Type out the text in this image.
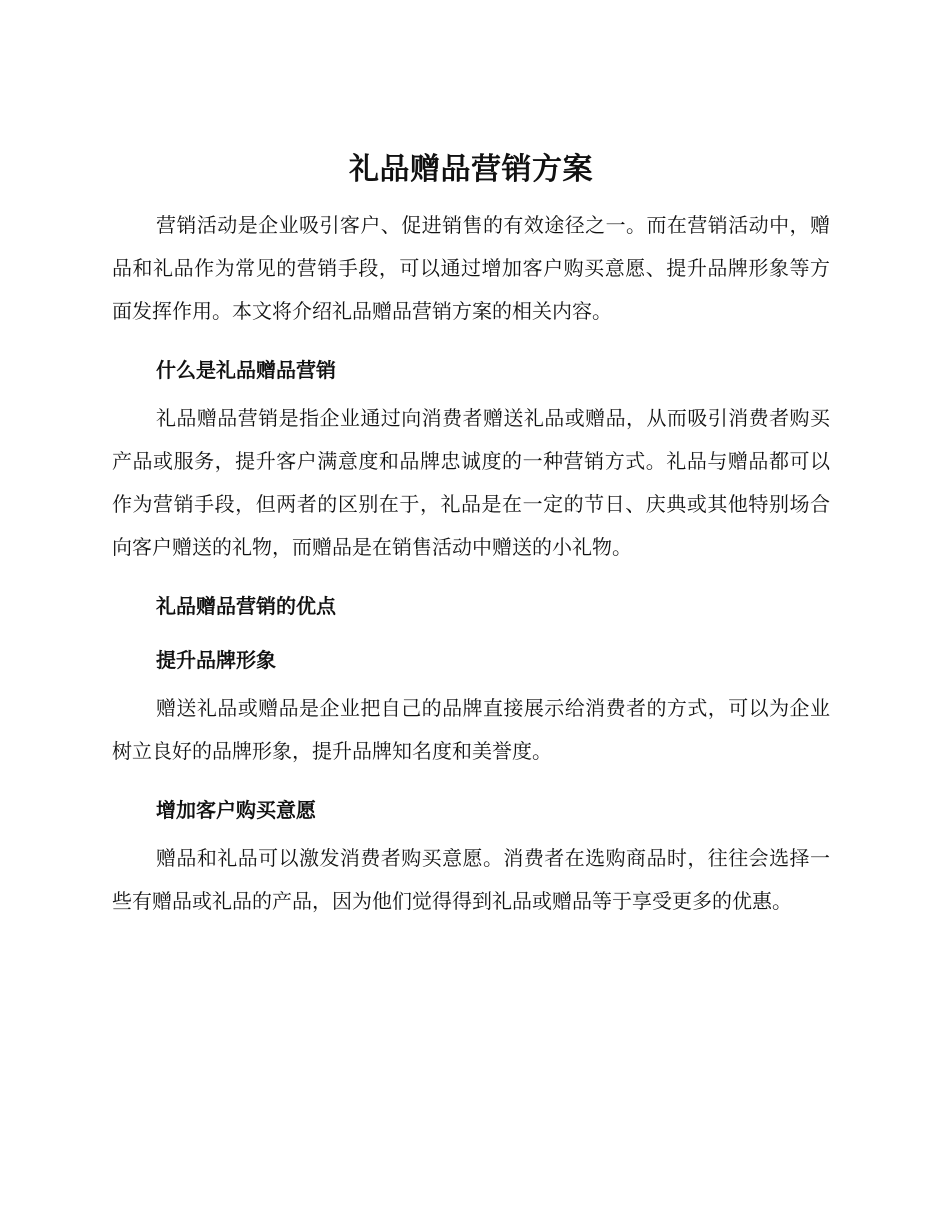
礼品赠品营销方案

营销活动是企业吸引客户、促进销售的有效途径之一。而在营销活动中，赠品和礼品作为常见的营销手段，可以通过增加客户购买意愿、提升品牌形象等方面发挥作用。本文将介绍礼品赠品营销方案的相关内容。

什么是礼品赠品营销

礼品赠品营销是指企业通过向消费者赠送礼品或赠品，从而吸引消费者购买产品或服务，提升客户满意度和品牌忠诚度的一种营销方式。礼品与赠品都可以作为营销手段，但两者的区别在于，礼品是在一定的节日、庆典或其他特别场合向客户赠送的礼物，而赠品是在销售活动中赠送的小礼物。

礼品赠品营销的优点
提升品牌形象

赠送礼品或赠品是企业把自己的品牌直接展示给消费者的方式，可以为企业树立良好的品牌形象，提升品牌知名度和美誉度。

增加客户购买意愿

赠品和礼品可以激发消费者购买意愿。消费者在选购商品时，往往会选择一些有赠品或礼品的产品，因为他们觉得得到礼品或赠品等于享受更多的优惠。
